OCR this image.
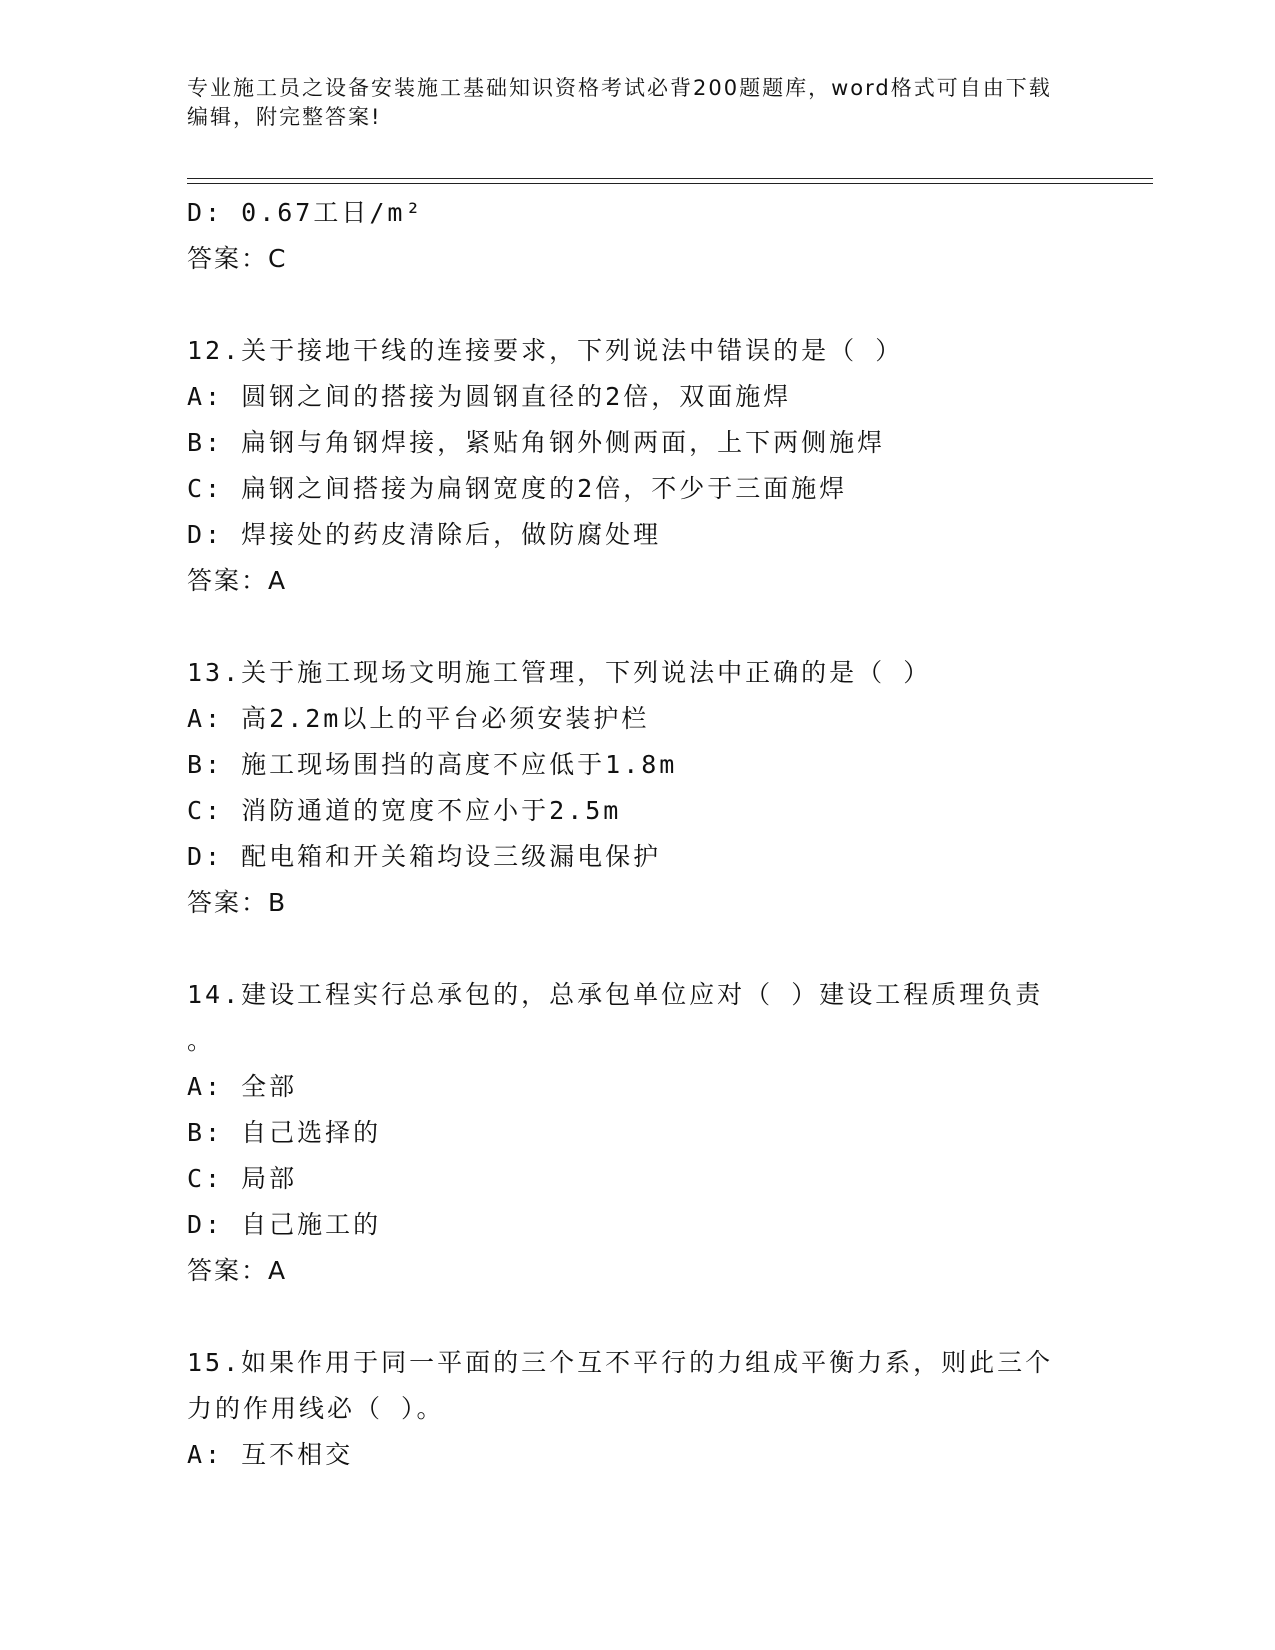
专业施工员之设备安装施工基础知识资格考试必背200题题库，word格式可自由下载编辑，附完整答案!
D: 0.67工日/m²
答案：C
12.关于接地干线的连接要求，下列说法中错误的是（ ）
A: 圆钢之间的搭接为圆钢直径的2倍，双面施焊
B: 扁钢与角钢焊接，紧贴角钢外侧两面，上下两侧施焊
C: 扁钢之间搭接为扁钢宽度的2倍，不少于三面施焊
D: 焊接处的药皮清除后，做防腐处理
答案：A
13.关于施工现场文明施工管理，下列说法中正确的是（ ）
A: 高2.2m以上的平台必须安装护栏
B: 施工现场围挡的高度不应低于1.8m
C: 消防通道的宽度不应小于2.5m
D: 配电箱和开关箱均设三级漏电保护
答案：B
14.建设工程实行总承包的，总承包单位应对（ ）建设工程质理负责
。
A: 全部
B: 自己选择的
C: 局部
D: 自己施工的
答案：A
15.如果作用于同一平面的三个互不平行的力组成平衡力系，则此三个
力的作用线必（ ）。
A: 互不相交
